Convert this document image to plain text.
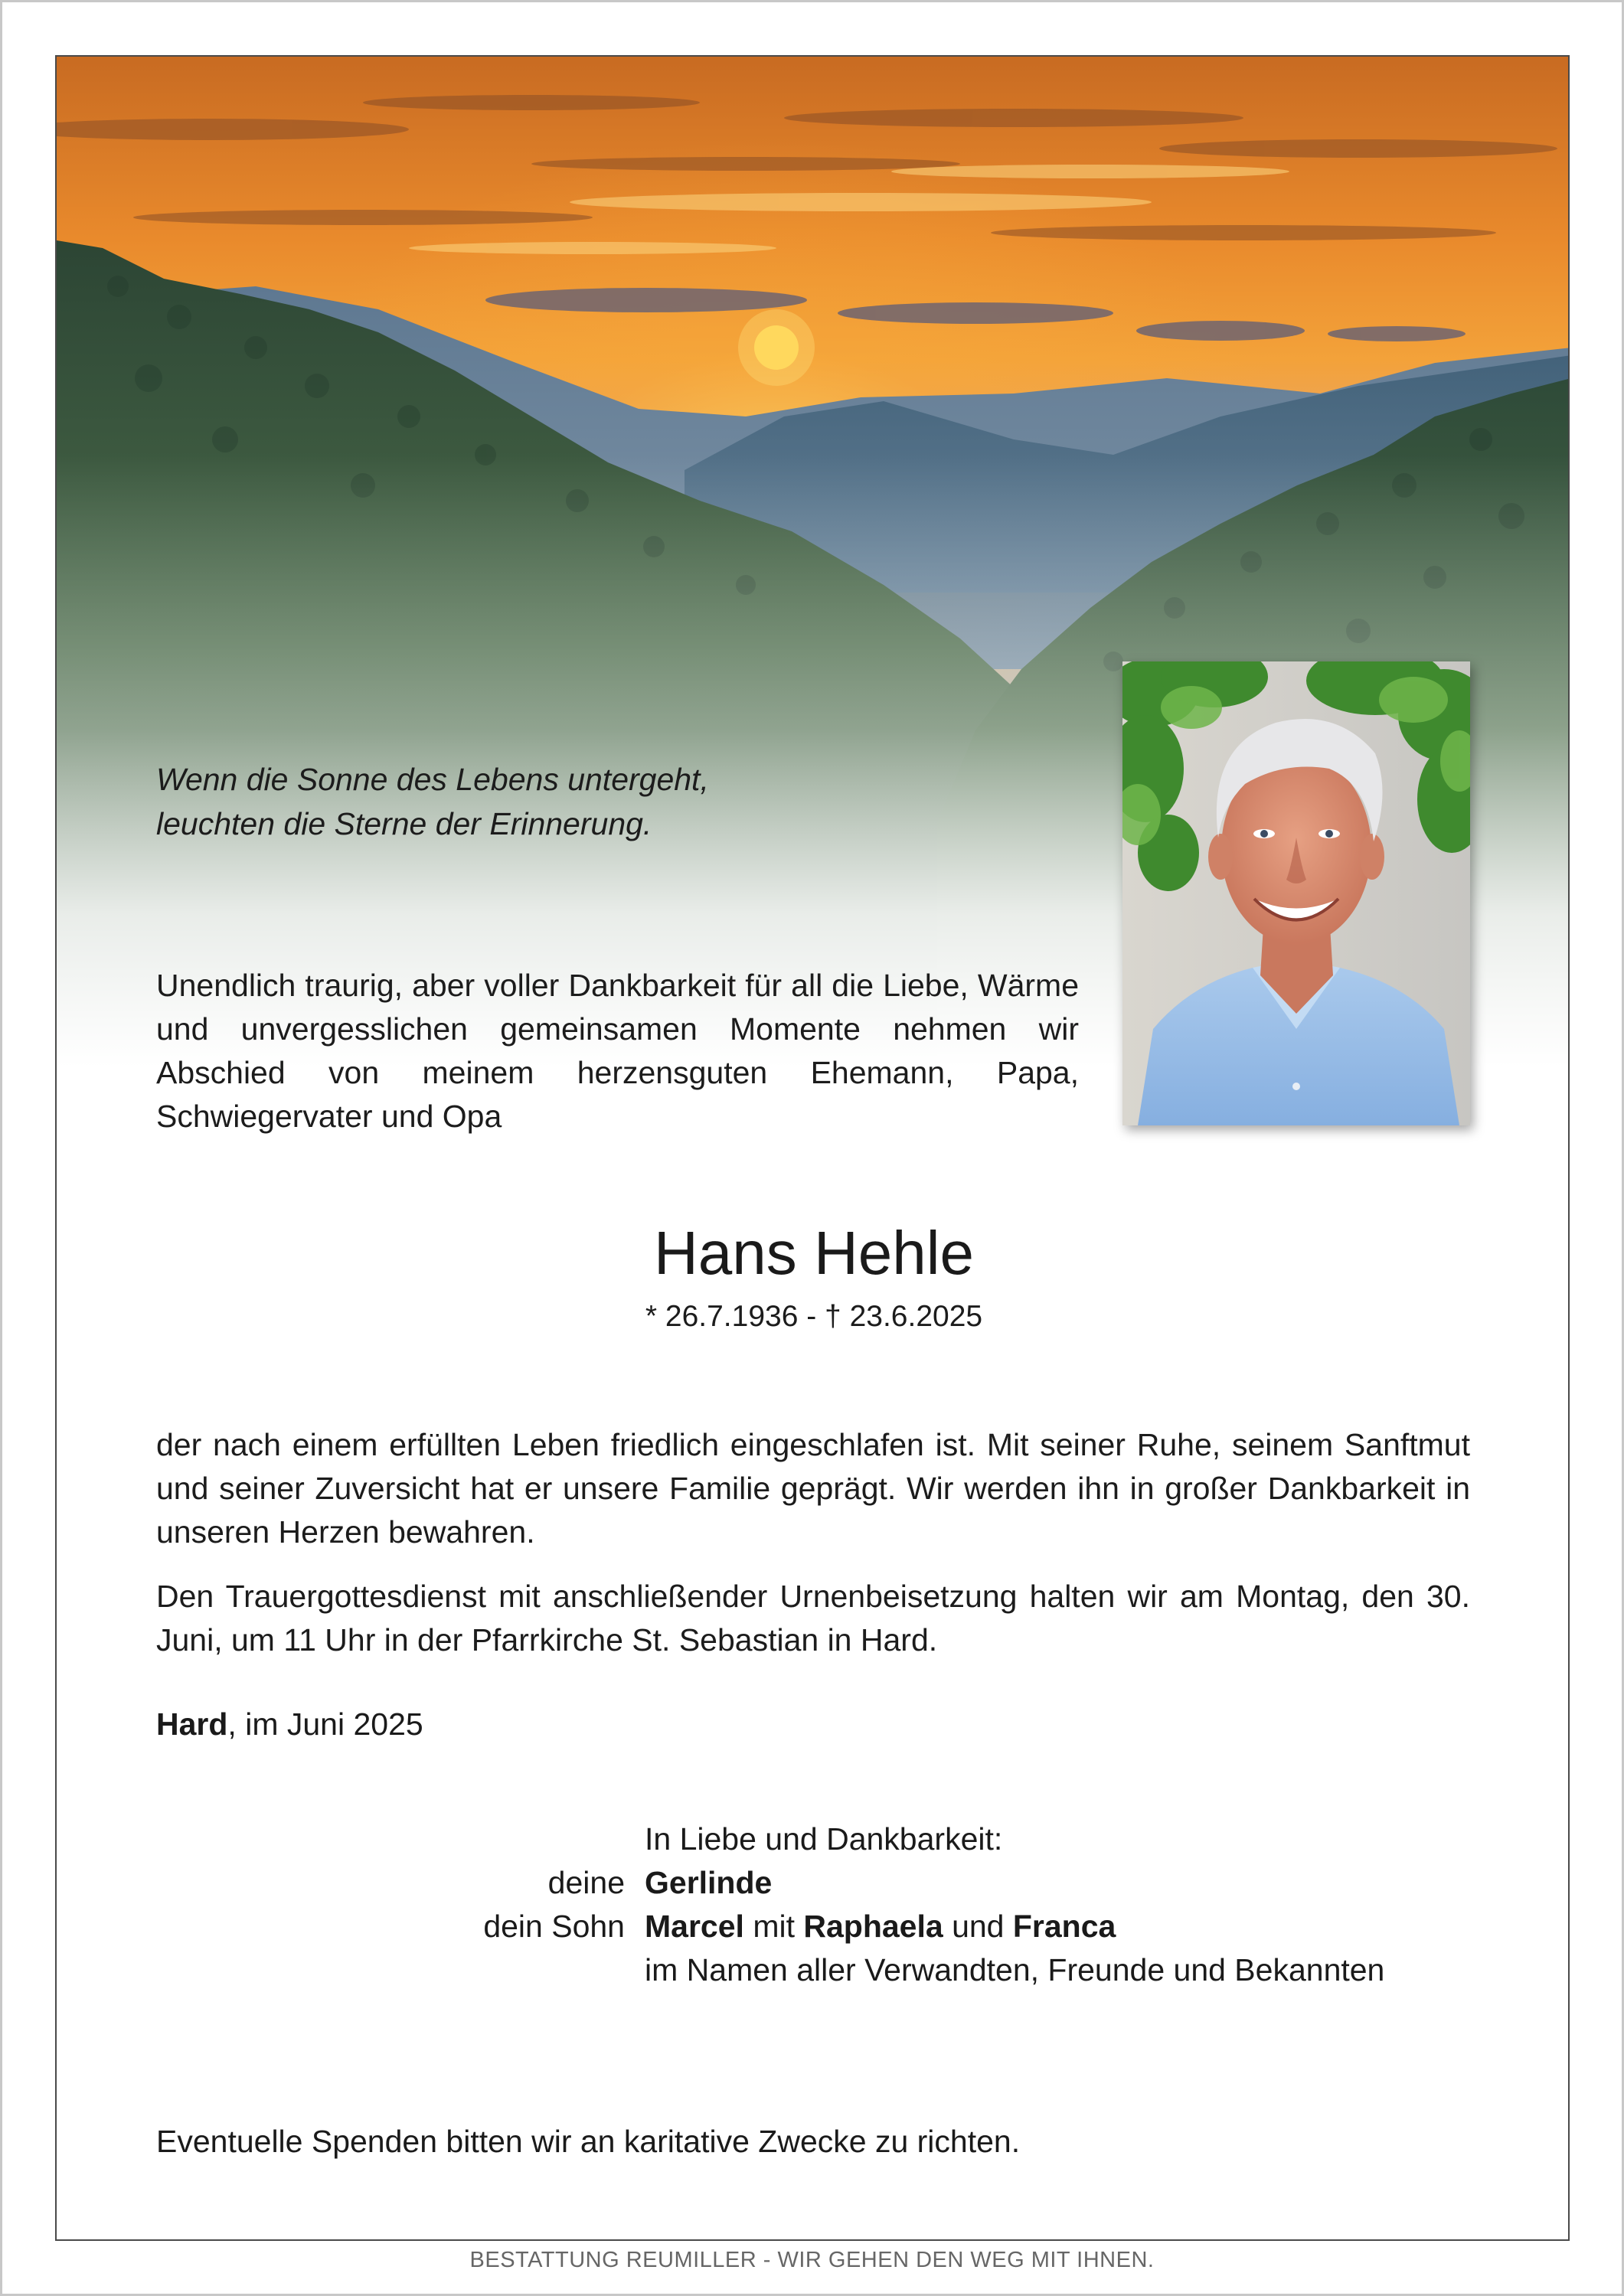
Wenn die Sonne des Lebens untergeht,
leuchten die Sterne der Erinnerung.
Unendlich traurig, aber voller Dankbarkeit für all die Liebe, Wärme und unvergesslichen gemeinsamen Momente nehmen wir Abschied von meinem herzensguten Ehemann, Papa, Schwiegervater und Opa
Hans Hehle
* 26.7.1936 - † 23.6.2025
der nach einem erfüllten Leben friedlich eingeschlafen ist. Mit seiner Ruhe, seinem Sanftmut und seiner Zuversicht hat er unsere Familie geprägt. Wir werden ihn in großer Dankbarkeit in unseren Herzen bewahren.
Den Trauergottesdienst mit anschließender Urnenbeisetzung halten wir am Montag, den 30. Juni, um 11 Uhr in der Pfarrkirche St. Sebastian in Hard.
Hard, im Juni 2025
deine
dein Sohn
In Liebe und Dankbarkeit:
Gerlinde
Marcel mit Raphaela und Franca
im Namen aller Verwandten, Freunde und Bekannten
Eventuelle Spenden bitten wir an karitative Zwecke zu richten.
BESTATTUNG REUMILLER - WIR GEHEN DEN WEG MIT IHNEN.
